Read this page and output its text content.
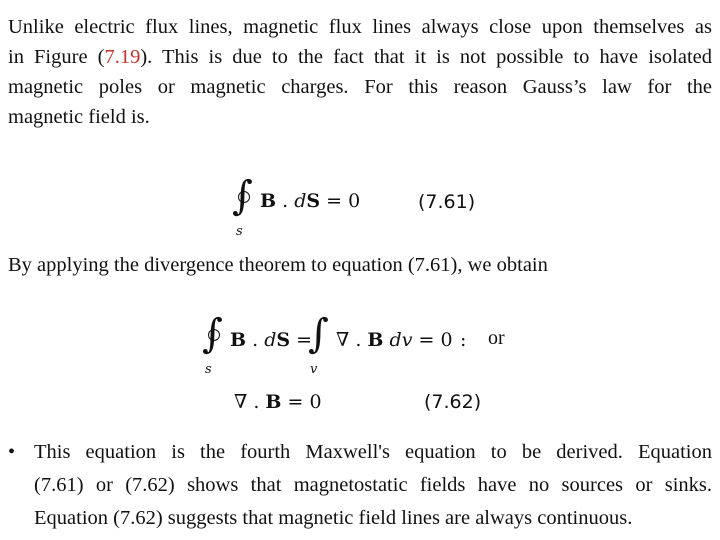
Unlike electric flux lines, magnetic flux lines always close upon themselves as
in Figure (7.19). This is due to the fact that it is not possible to have isolated
magnetic poles or magnetic charges. For this reason Gauss’s law for the
magnetic field is.
∫
s
B . dS = 0	(7.61)
By applying the divergence theorem to equation (7.61), we obtain
∫
s
B . dS =
∫
v
∇ . B dv = 0 : or
∇ . B = 0	(7.62)
• This equation is the fourth Maxwell's equation to be derived. Equation
(7.61) or (7.62) shows that magnetostatic fields have no sources or sinks.
Equation (7.62) suggests that magnetic field lines are always continuous.
